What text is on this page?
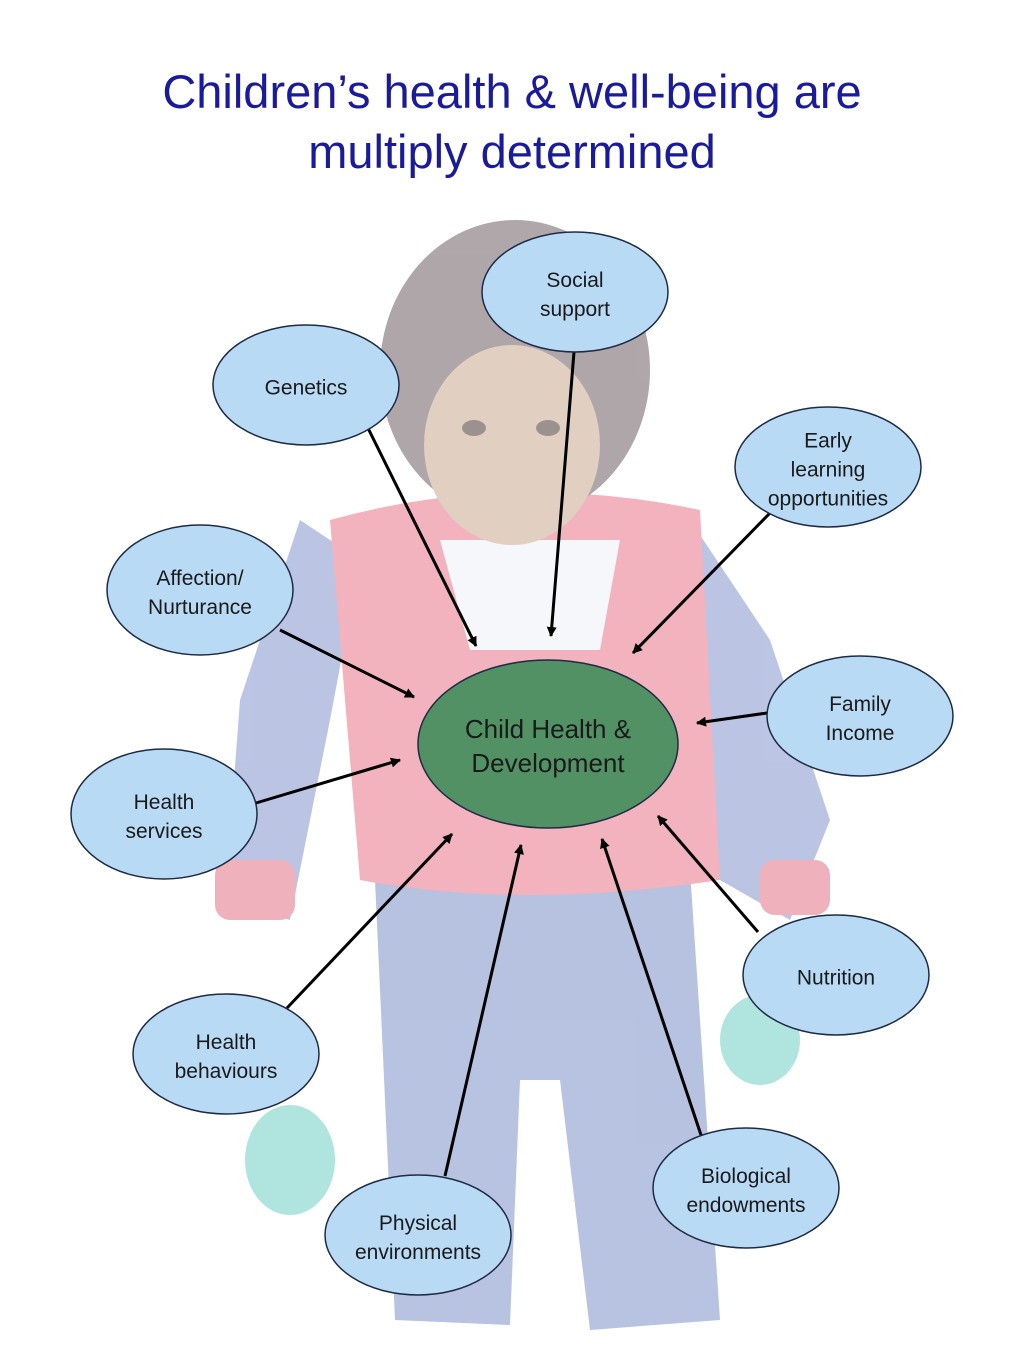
Child Health &
Development
Social
support
Genetics
Early
learning
opportunities
Affection/
Nurturance
Family
Income
Health
services
Nutrition
Health
behaviours
Biological
endowments
Physical
environments
Children’s health & well-being are
multiply determined
